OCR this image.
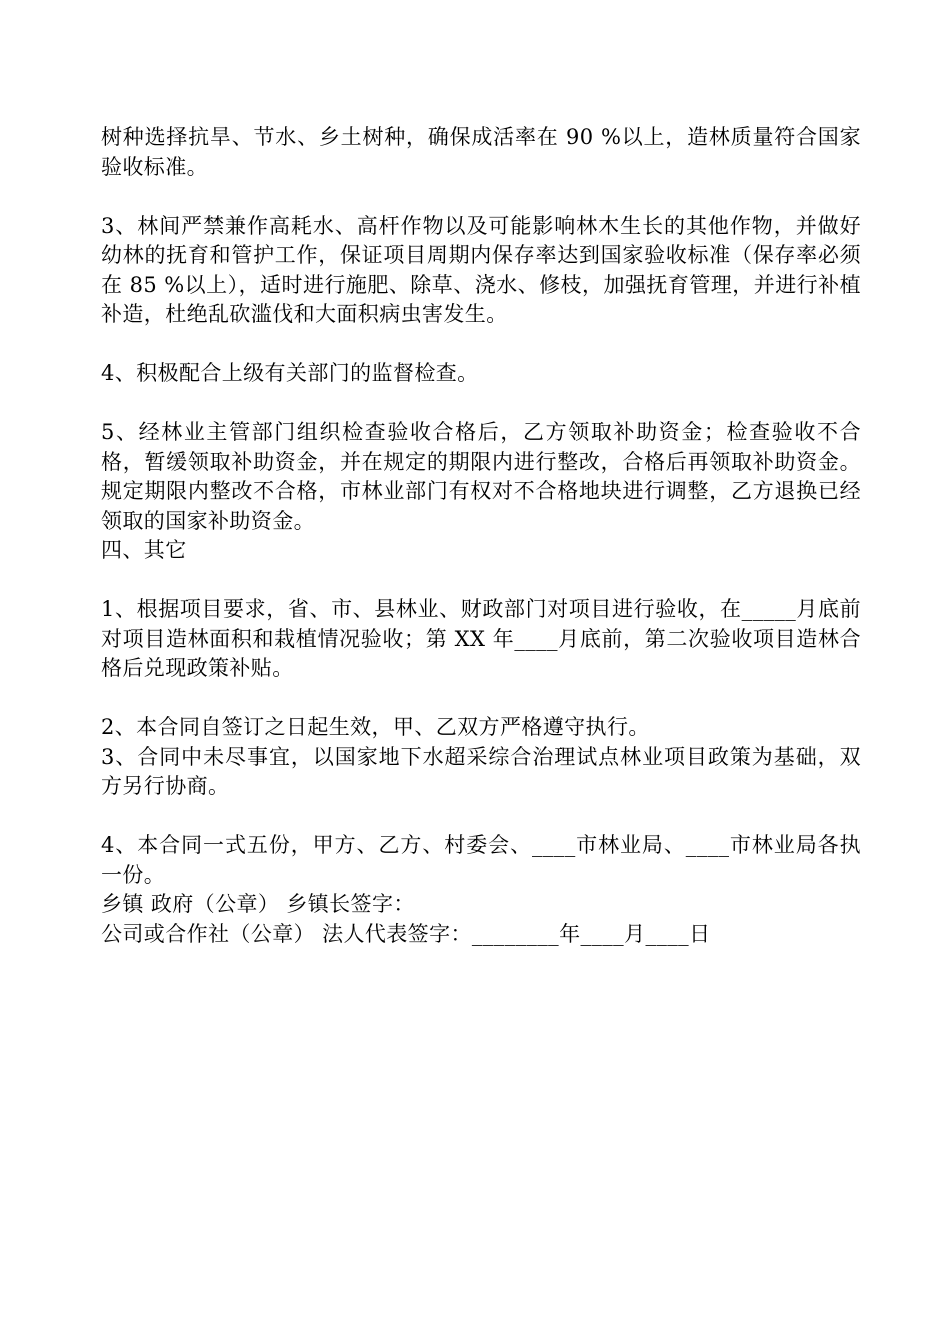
树种选择抗旱、节水、乡土树种，确保成活率在 90 %以上，造林质量符合国家验收标准。

3、林间严禁兼作高耗水、高杆作物以及可能影响林木生长的其他作物，并做好幼林的抚育和管护工作，保证项目周期内保存率达到国家验收标准（保存率必须在 85 %以上），适时进行施肥、除草、浇水、修枝，加强抚育管理，并进行补植补造，杜绝乱砍滥伐和大面积病虫害发生。

4、积极配合上级有关部门的监督检查。

5、经林业主管部门组织检查验收合格后，乙方领取补助资金；检查验收不合格，暂缓领取补助资金，并在规定的期限内进行整改，合格后再领取补助资金。规定期限内整改不合格，市林业部门有权对不合格地块进行调整，乙方退换已经领取的国家补助资金。

四、其它

1、根据项目要求，省、市、县林业、财政部门对项目进行验收，在_____月底前对项目造林面积和栽植情况验收；第 XX 年____月底前，第二次验收项目造林合格后兑现政策补贴。

2、本合同自签订之日起生效，甲、乙双方严格遵守执行。

3、合同中未尽事宜，以国家地下水超采综合治理试点林业项目政策为基础，双方另行协商。

4、本合同一式五份，甲方、乙方、村委会、____市林业局、____市林业局各执一份。

乡镇 政府（公章） 乡镇长签字：

公司或合作社（公章） 法人代表签字：________年____月____日
